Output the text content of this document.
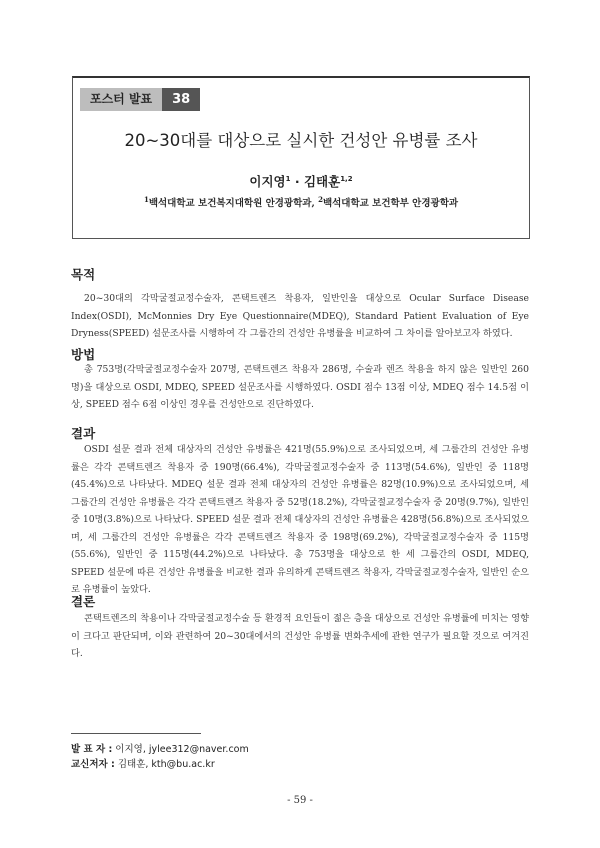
포스터 발표	38
20~30대를 대상으로 실시한 건성안 유병률 조사
이지영$^1$ · 김태훈$^{1,2}$
$^1$백석대학교 보건복지대학원 안경광학과, $^2$백석대학교 보건학부 안경광학과
목적
20~30대의 각막굴절교정수술자, 콘택트렌즈 착용자, 일반인을 대상으로 Ocular Surface Disease Index(OSDI), McMonnies Dry Eye Questionnaire(MDEQ), Standard Patient Evaluation of Eye Dryness(SPEED) 설문조사를 시행하여 각 그룹간의 건성안 유병률을 비교하여 그 차이를 알아보고자 하였다.
방법
총 753명(각막굴절교정수술자 207명, 콘택트렌즈 착용자 286명, 수술과 렌즈 착용을 하지 않은 일반인 260명)을 대상으로 OSDI, MDEQ, SPEED 설문조사를 시행하였다. OSDI 점수 13점 이상, MDEQ 점수 14.5점 이상, SPEED 점수 6점 이상인 경우를 건성안으로 진단하였다.
결과
OSDI 설문 결과 전체 대상자의 건성안 유병률은 421명(55.9%)으로 조사되었으며, 세 그룹간의 건성안 유병률은 각각 콘택트렌즈 착용자 중 190명(66.4%), 각막굴절교정수술자 중 113명(54.6%), 일반인 중 118명(45.4%)으로 나타났다. MDEQ 설문 결과 전체 대상자의 건성안 유병률은 82명(10.9%)으로 조사되었으며, 세 그룹간의 건성안 유병률은 각각 콘택트렌즈 착용자 중 52명(18.2%), 각막굴절교정수술자 중 20명(9.7%), 일반인 중 10명(3.8%)으로 나타났다. SPEED 설문 결과 전체 대상자의 건성안 유병률은 428명(56.8%)으로 조사되었으며, 세 그룹간의 건성안 유병률은 각각 콘택트렌즈 착용자 중 198명(69.2%), 각막굴절교정수술자 중 115명(55.6%), 일반인 중 115명(44.2%)으로 나타났다. 총 753명을 대상으로 한 세 그룹간의 OSDI, MDEQ, SPEED 설문에 따른 건성안 유병률을 비교한 결과 유의하게 콘택트렌즈 착용자, 각막굴절교정수술자, 일반인 순으로 유병률이 높았다.
결론
콘택트렌즈의 착용이나 각막굴절교정수술 등 환경적 요인들이 젊은 층을 대상으로 건성안 유병률에 미치는 영향이 크다고 판단되며, 이와 관련하여 20~30대에서의 건성안 유병률 변화추세에 관한 연구가 필요할 것으로 여겨진다.
발 표 자 : 이지영, jylee312@naver.com
교신저자 : 김태훈, kth@bu.ac.kr
- 59 -
